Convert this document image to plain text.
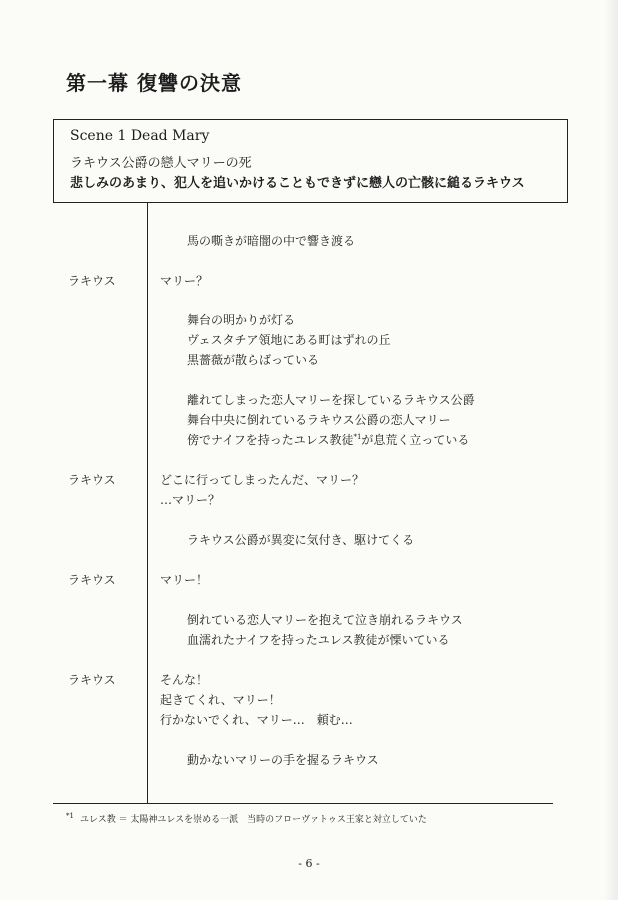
第一幕 復讐の決意
Scene 1 Dead Mary
ラキウス公爵の戀人マリーの死
悲しみのあまり、犯人を追いかけることもできずに戀人の亡骸に縋るラキウス
馬の嘶きが暗闇の中で響き渡る
ラキウス	マリー？
舞台の明かりが灯る
ヴェスタチア領地にある町はずれの丘
黒薔薇が散らばっている
離れてしまった恋人マリーを探しているラキウス公爵
舞台中央に倒れているラキウス公爵の恋人マリー
傍でナイフを持ったユレス教徒$^{*1}$が息荒く立っている
ラキウス	どこに行ってしまったんだ、マリー？
…マリー？
ラキウス公爵が異変に気付き、駆けてくる
ラキウス	マリー！
倒れている恋人マリーを抱えて泣き崩れるラキウス
血濡れたナイフを持ったユレス教徒が慄いている
ラキウス	そんな！
起きてくれ、マリー！
行かないでくれ、マリー…　頼む…
動かないマリーの手を握るラキウス
$^{*1}$ ユレス教 ＝ 太陽神ユレスを崇める一派　当時のフローヴァトゥス王家と対立していた
- 6 -
